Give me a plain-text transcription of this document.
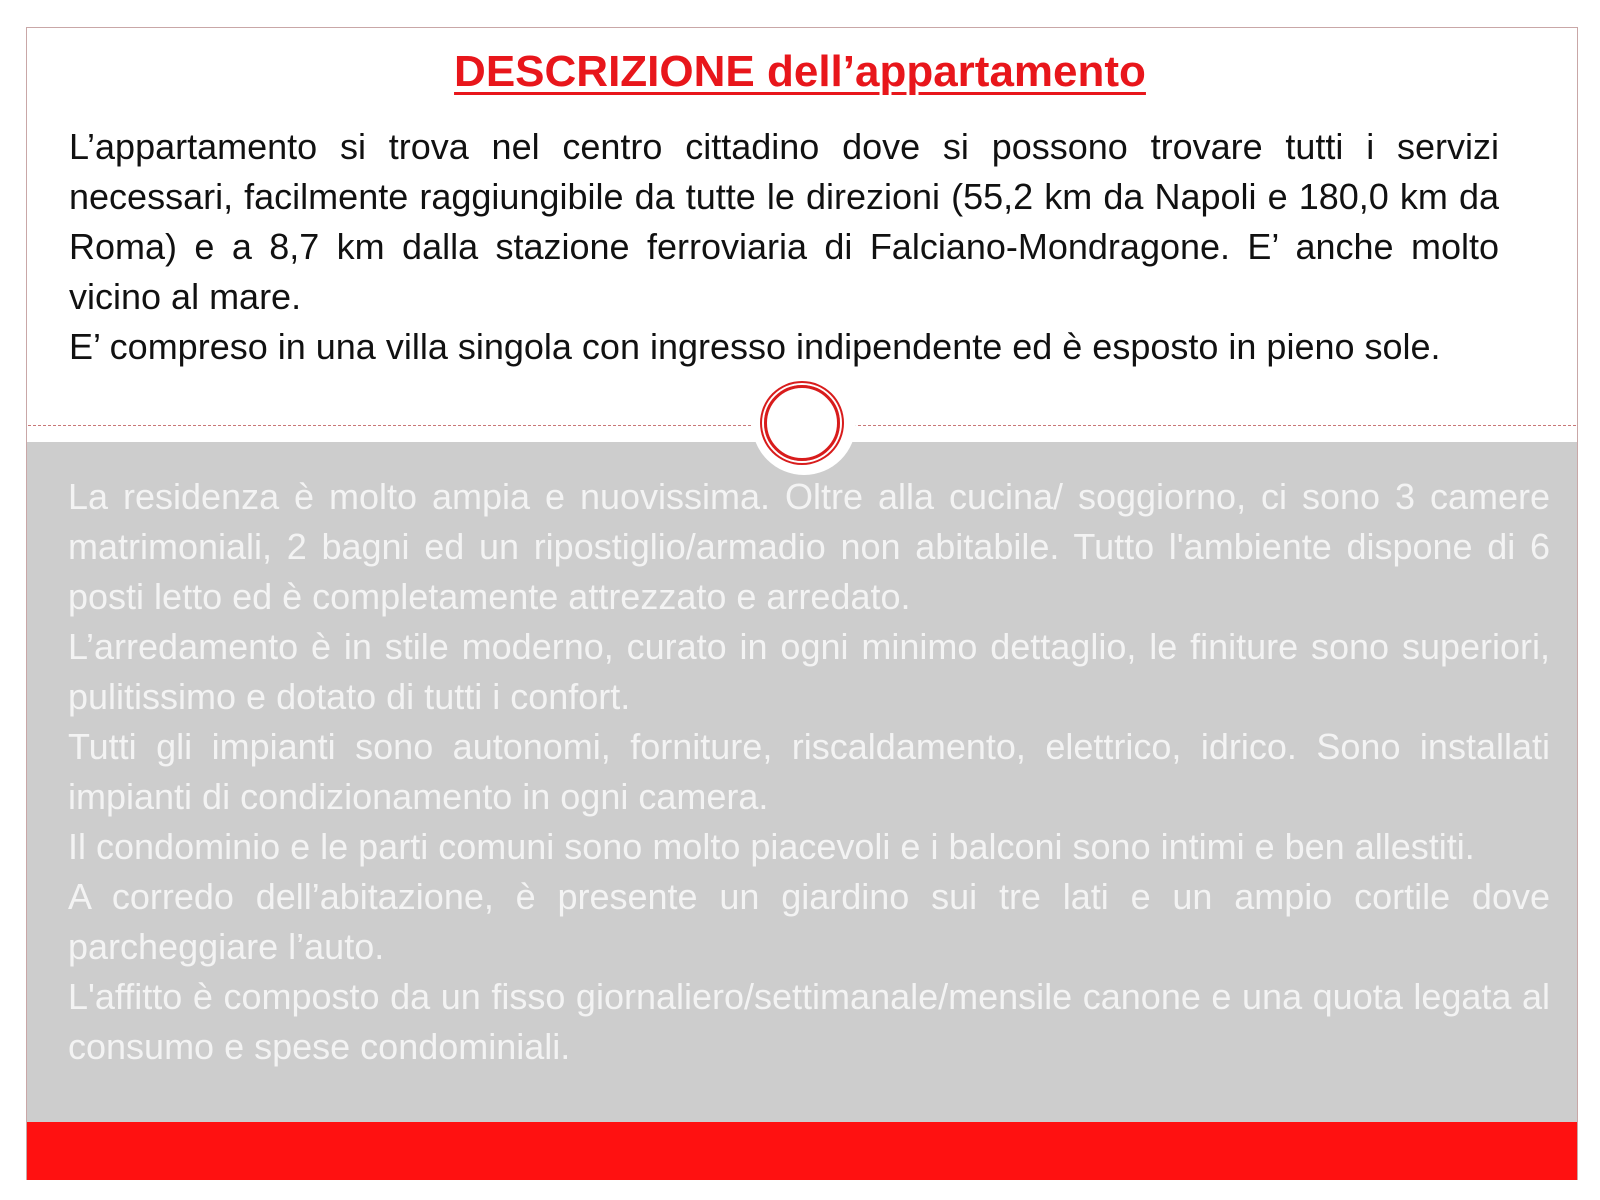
DESCRIZIONE dell’appartamento

L’appartamento si trova nel centro cittadino dove si possono trovare tutti i servizi necessari, facilmente raggiungibile da tutte le direzioni (55,2 km da Napoli e 180,0 km da Roma) e a 8,7 km dalla stazione ferroviaria di Falciano-Mondragone. E’ anche molto vicino al mare.

E’ compreso in una villa singola con ingresso indipendente ed è esposto in pieno sole.

La residenza è molto ampia e nuovissima. Oltre alla cucina/ soggiorno, ci sono 3 camere matrimoniali, 2 bagni ed un ripostiglio/armadio non abitabile. Tutto l'ambiente dispone di 6 posti letto ed è completamente attrezzato e arredato.

L’arredamento è in stile moderno, curato in ogni minimo dettaglio, le finiture sono superiori, pulitissimo e dotato di tutti i confort.

Tutti gli impianti sono autonomi, forniture, riscaldamento, elettrico, idrico. Sono installati impianti di condizionamento in ogni camera.

Il condominio e le parti comuni sono molto piacevoli e i balconi sono intimi e ben allestiti.

A corredo dell’abitazione, è presente un giardino sui tre lati e un ampio cortile dove parcheggiare l’auto.

L'affitto è composto da un fisso giornaliero/settimanale/mensile canone e una quota legata al consumo e spese condominiali.
